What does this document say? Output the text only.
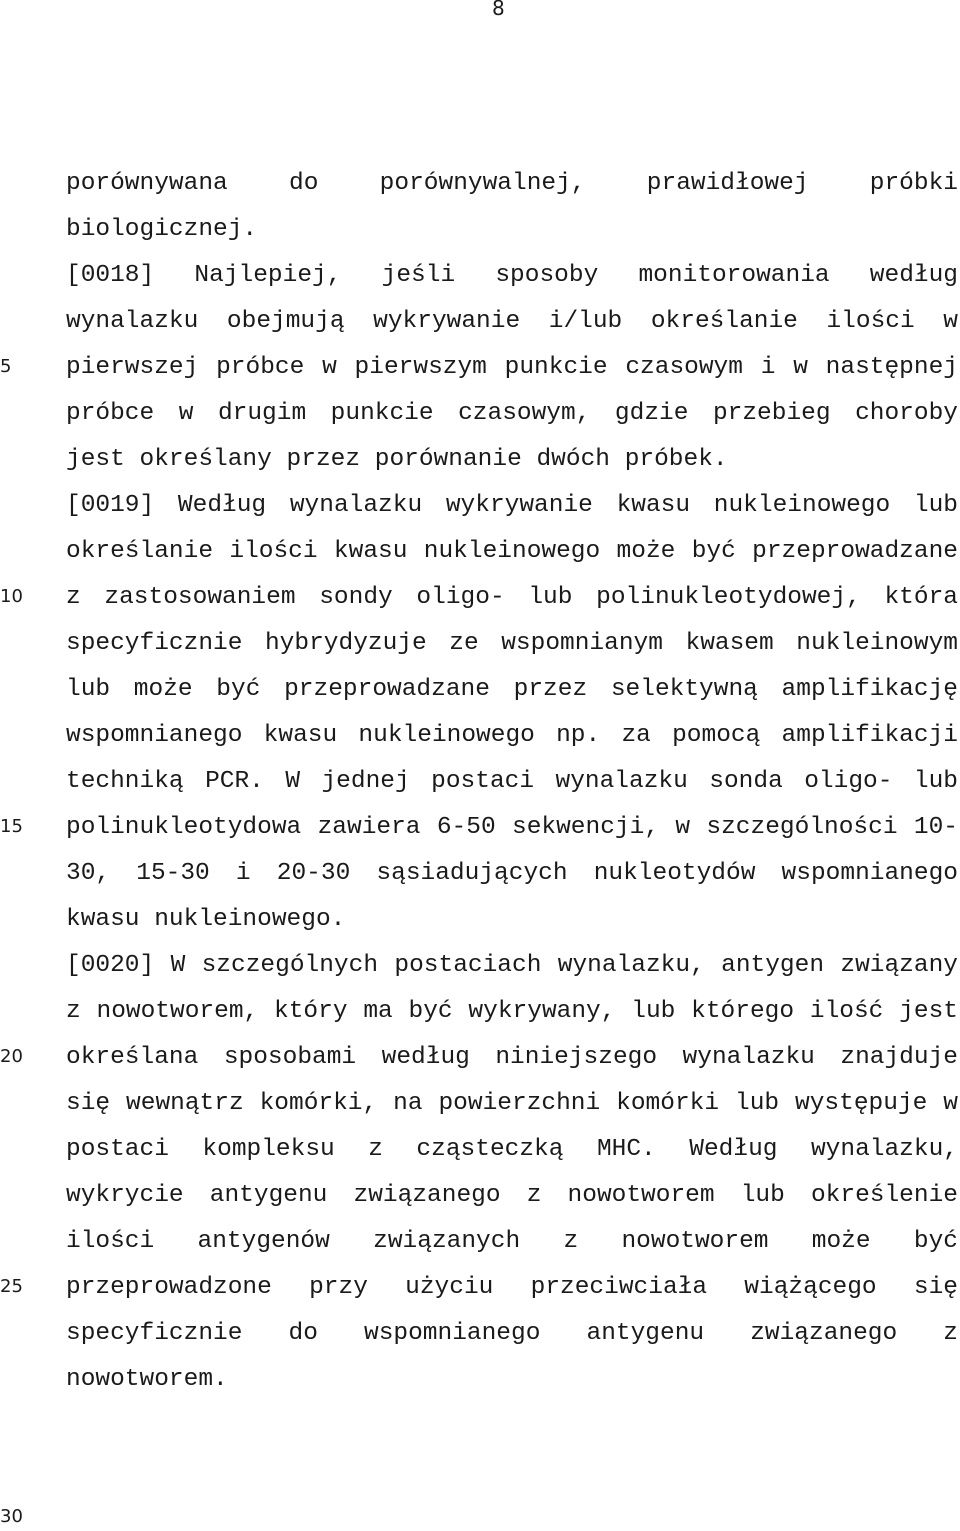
8
5
10
15
20
25
30

porównywana do porównywalnej, prawidłowej próbki biologicznej.

[0018] Najlepiej, jeśli sposoby monitorowania według wynalazku obejmują wykrywanie i/lub określanie ilości w pierwszej próbce w pierwszym punkcie czasowym i w następnej próbce w drugim punkcie czasowym, gdzie przebieg choroby jest określany przez porównanie dwóch próbek.

[0019] Według wynalazku wykrywanie kwasu nukleinowego lub określanie ilości kwasu nukleinowego może być przeprowadzane z zastosowaniem sondy oligo- lub polinukleotydowej, która specyficznie hybrydyzuje ze wspomnianym kwasem nukleinowym lub może być przeprowadzane przez selektywną amplifikację wspomnianego kwasu nukleinowego np. za pomocą amplifikacji techniką PCR. W jednej postaci wynalazku sonda oligo- lub polinukleotydowa zawiera 6-50 sekwencji, w szczególności 10-30, 15-30 i 20-30 sąsiadujących nukleotydów wspomnianego kwasu nukleinowego.

[0020] W szczególnych postaciach wynalazku, antygen związany z nowotworem, który ma być wykrywany, lub którego ilość jest określana sposobami według niniejszego wynalazku znajduje się wewnątrz komórki, na powierzchni komórki lub występuje w postaci kompleksu z cząsteczką MHC. Według wynalazku, wykrycie antygenu związanego z nowotworem lub określenie ilości antygenów związanych z nowotworem może być przeprowadzone przy użyciu przeciwciała wiążącego się specyficznie do wspomnianego antygenu związanego z nowotworem.
